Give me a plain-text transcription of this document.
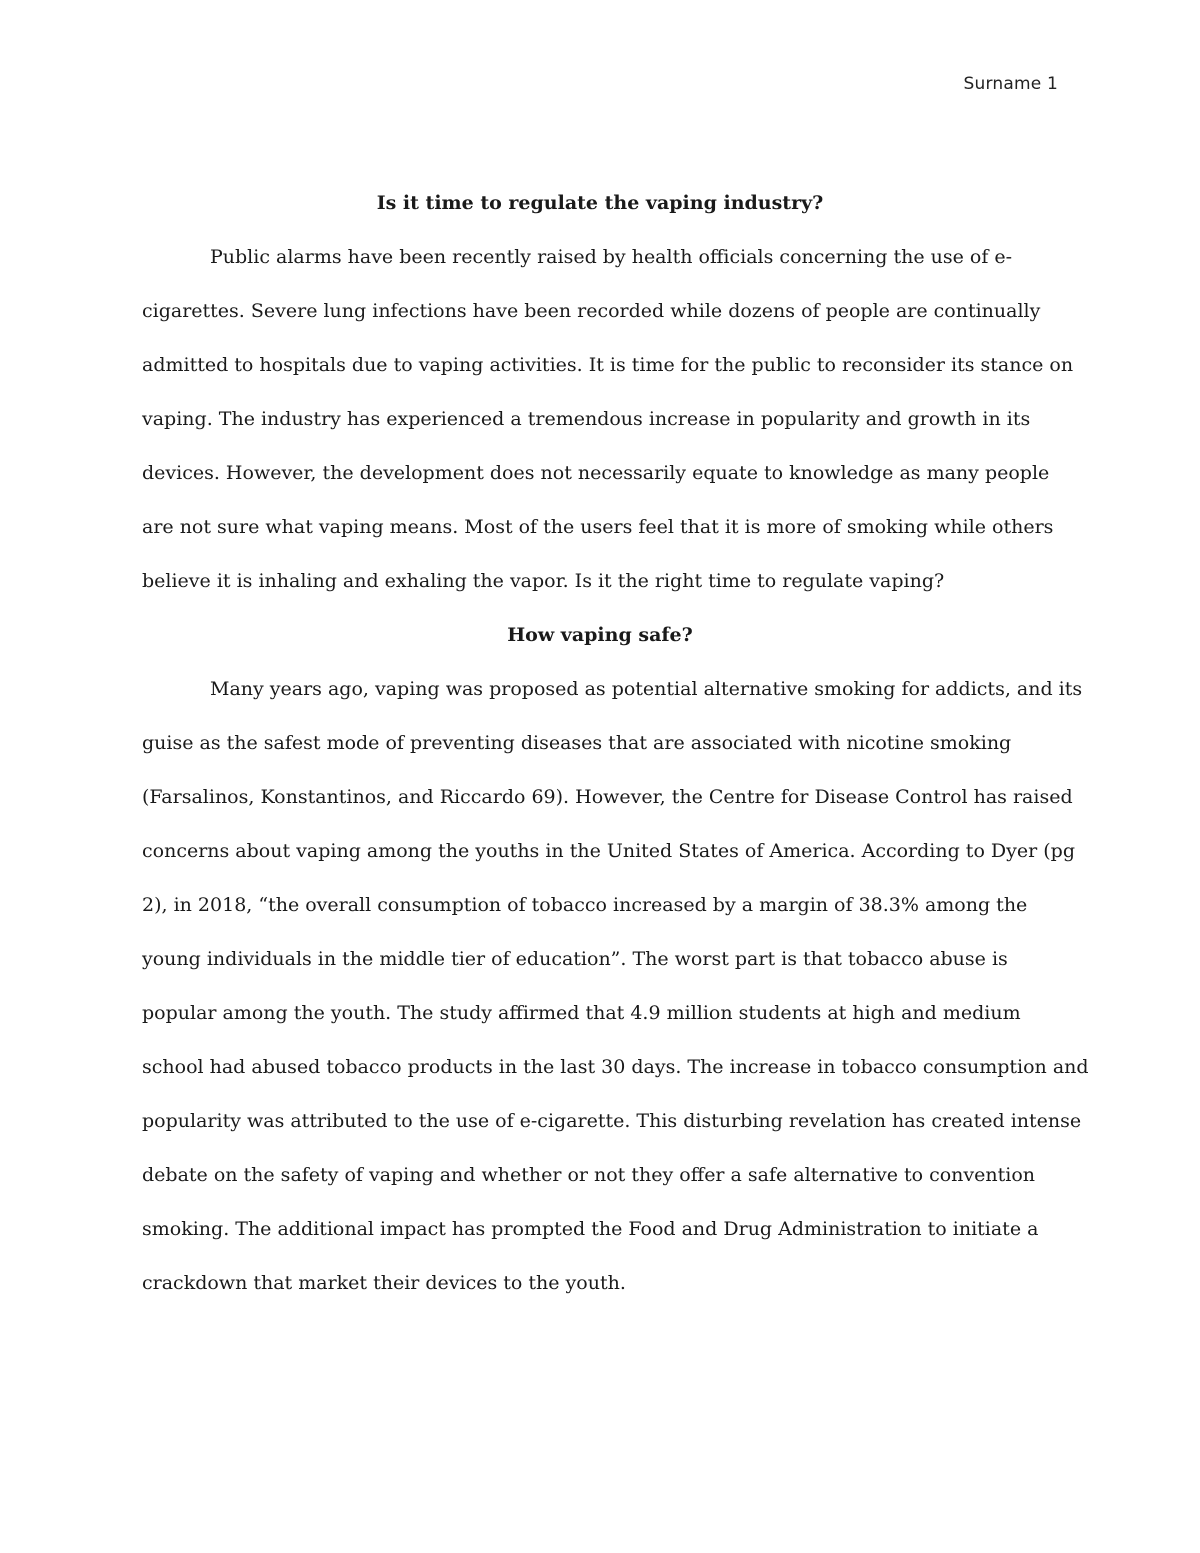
Surname 1

Is it time to regulate the vaping industry?

Public alarms have been recently raised by health officials concerning the use of e-
cigarettes. Severe lung infections have been recorded while dozens of people are continually
admitted to hospitals due to vaping activities. It is time for the public to reconsider its stance on
vaping. The industry has experienced a tremendous increase in popularity and growth in its
devices. However, the development does not necessarily equate to knowledge as many people
are not sure what vaping means. Most of the users feel that it is more of smoking while others
believe it is inhaling and exhaling the vapor. Is it the right time to regulate vaping?

How vaping safe?

Many years ago, vaping was proposed as potential alternative smoking for addicts, and its
guise as the safest mode of preventing diseases that are associated with nicotine smoking
(Farsalinos, Konstantinos, and Riccardo 69). However, the Centre for Disease Control has raised
concerns about vaping among the youths in the United States of America. According to Dyer (pg
2), in 2018, “the overall consumption of tobacco increased by a margin of 38.3% among the
young individuals in the middle tier of education”. The worst part is that tobacco abuse is
popular among the youth. The study affirmed that 4.9 million students at high and medium
school had abused tobacco products in the last 30 days. The increase in tobacco consumption and
popularity was attributed to the use of e-cigarette. This disturbing revelation has created intense
debate on the safety of vaping and whether or not they offer a safe alternative to convention
smoking. The additional impact has prompted the Food and Drug Administration to initiate a
crackdown that market their devices to the youth.
